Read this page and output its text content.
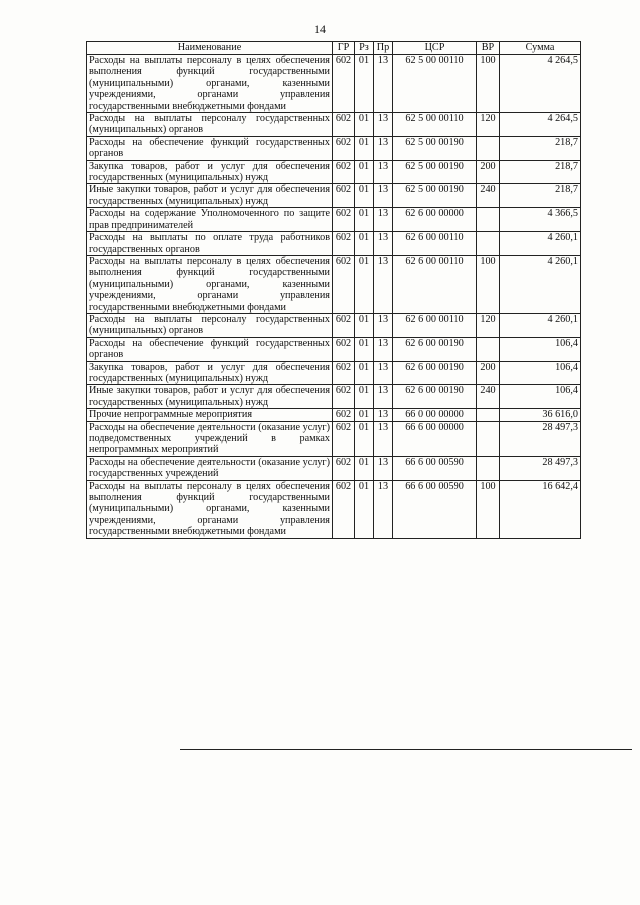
14
Наименование	ГР	Рз	Пр	ЦСР	ВР	Сумма
Расходы на выплаты персоналу в целях обеспечения выполнения функций государственными (муниципальными) органами, казенными учреждениями, органами управления государственными внебюджетными фондами	602	01	13	62 5 00 00110	100	4 264,5
Расходы на выплаты персоналу государственных (муниципальных) органов	602	01	13	62 5 00 00110	120	4 264,5
Расходы на обеспечение функций государственных органов	602	01	13	62 5 00 00190		218,7
Закупка товаров, работ и услуг для обеспечения государственных (муниципальных) нужд	602	01	13	62 5 00 00190	200	218,7
Иные закупки товаров, работ и услуг для обеспечения государственных (муниципальных) нужд	602	01	13	62 5 00 00190	240	218,7
Расходы на содержание Уполномоченного по защите прав предпринимателей	602	01	13	62 6 00 00000		4 366,5
Расходы на выплаты по оплате труда работников государственных органов	602	01	13	62 6 00 00110		4 260,1
Расходы на выплаты персоналу в целях обеспечения выполнения функций государственными (муниципальными) органами, казенными учреждениями, органами управления государственными внебюджетными фондами	602	01	13	62 6 00 00110	100	4 260,1
Расходы на выплаты персоналу государственных (муниципальных) органов	602	01	13	62 6 00 00110	120	4 260,1
Расходы на обеспечение функций государственных органов	602	01	13	62 6 00 00190		106,4
Закупка товаров, работ и услуг для обеспечения государственных (муниципальных) нужд	602	01	13	62 6 00 00190	200	106,4
Иные закупки товаров, работ и услуг для обеспечения государственных (муниципальных) нужд	602	01	13	62 6 00 00190	240	106,4
Прочие непрограммные мероприятия	602	01	13	66 0 00 00000		36 616,0
Расходы на обеспечение деятельности (оказание услуг) подведомственных учреждений в рамках непрограммных мероприятий	602	01	13	66 6 00 00000		28 497,3
Расходы на обеспечение деятельности (оказание услуг) государственных учреждений	602	01	13	66 6 00 00590		28 497,3
Расходы на выплаты персоналу в целях обеспечения выполнения функций государственными (муниципальными) органами, казенными учреждениями, органами управления государственными внебюджетными фондами	602	01	13	66 6 00 00590	100	16 642,4
